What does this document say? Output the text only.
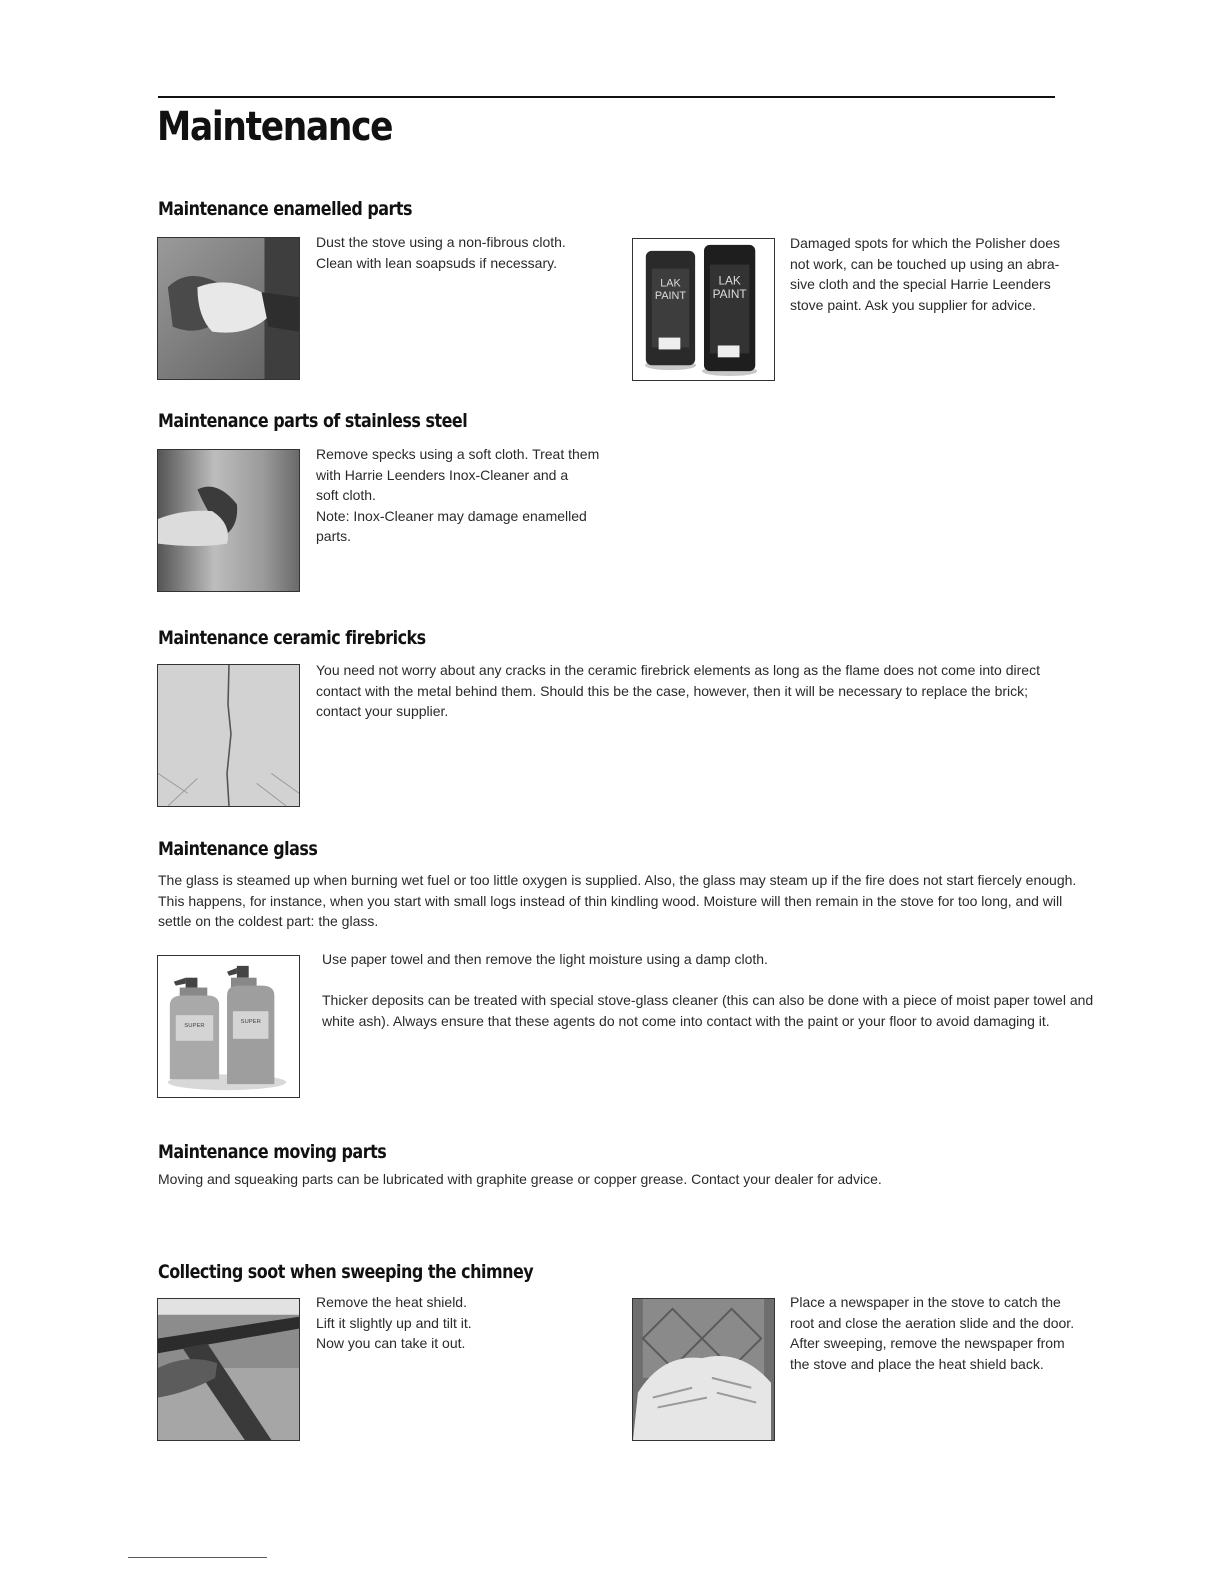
Maintenance
Maintenance enamelled parts

Dust the stove using a non-fibrous cloth.

Clean with lean soapsuds if necessary.

LAK
PAINT
LAK
PAINT

Damaged spots for which the Polisher does

not work, can be touched up using an abra-

sive cloth and the special Harrie Leenders

stove paint. Ask you supplier for advice.

Maintenance parts of stainless steel

Remove specks using a soft cloth. Treat them

with Harrie Leenders Inox-Cleaner and a

soft cloth.

Note: Inox-Cleaner may damage enamelled

parts.

Maintenance ceramic firebricks

You need not worry about any cracks in the ceramic firebrick elements as long as the flame does not come into direct

contact with the metal behind them. Should this be the case, however, then it will be necessary to replace the brick;

contact your supplier.

Maintenance glass

The glass is steamed up when burning wet fuel or too little oxygen is supplied. Also, the glass may steam up if the fire does not start fiercely enough.

This happens, for instance, when you start with small logs instead of thin kindling wood. Moisture will then remain in the stove for too long, and will

settle on the coldest part: the glass.

SUPER
SUPER

Use paper towel and then remove the light moisture using a damp cloth.

Thicker deposits can be treated with special stove-glass cleaner (this can also be done with a piece of moist paper towel and

white ash). Always ensure that these agents do not come into contact with the paint or your floor to avoid damaging it.

Maintenance moving parts

Moving and squeaking parts can be lubricated with graphite grease or copper grease. Contact your dealer for advice.

Collecting soot when sweeping the chimney

Remove the heat shield.

Lift it slightly up and tilt it.

Now you can take it out.

Place a newspaper in the stove to catch the

root and close the aeration slide and the door.

After sweeping, remove the newspaper from

the stove and place the heat shield back.
